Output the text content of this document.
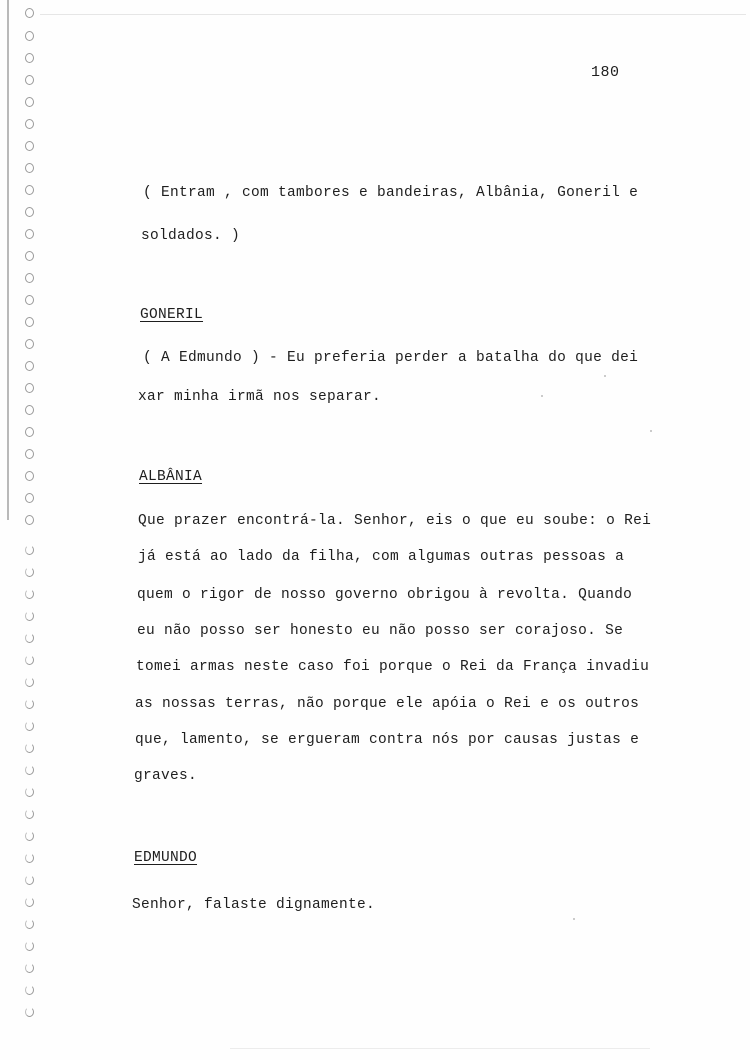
180
( Entram , com tambores e bandeiras, Albânia, Goneril e
soldados. )
GONERIL
( A Edmundo ) - Eu preferia perder a batalha do que dei
xar minha irmã nos separar.
ALBÂNIA
Que prazer encontrá-la. Senhor, eis o que eu soube: o Rei
já está ao lado da filha, com algumas outras pessoas a
quem o rigor de nosso governo obrigou à revolta. Quando
eu não posso ser honesto eu não posso ser corajoso. Se
tomei armas neste caso foi porque o Rei da França invadiu
as nossas terras, não porque ele apóia o Rei e os outros
que, lamento, se ergueram contra nós por causas justas e
graves.
EDMUNDO
Senhor, falaste dignamente.
